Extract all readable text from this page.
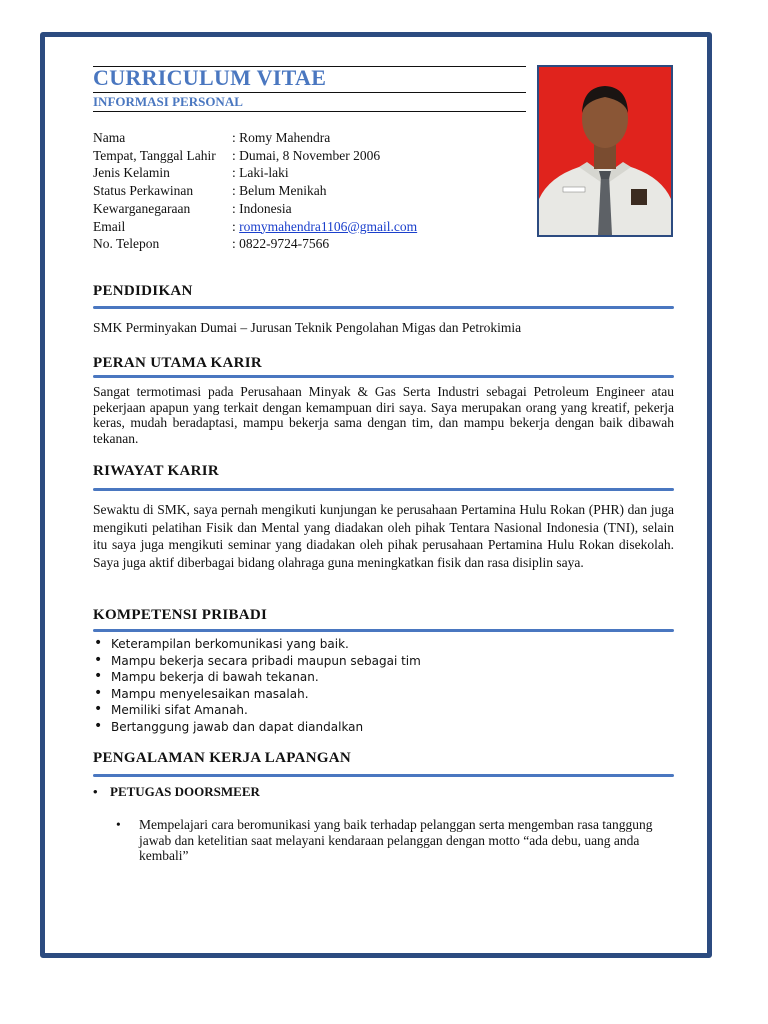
CURRICULUM VITAE
INFORMASI PERSONAL
Nama	: Romy Mahendra
Tempat, Tanggal Lahir	: Dumai, 8 November 2006
Jenis Kelamin	: Laki-laki
Status Perkawinan	: Belum Menikah
Kewarganegaraan	: Indonesia
Email	: romymahendra1106@gmail.com
No. Telepon	: 0822-9724-7566
PENDIDIKAN
SMK Perminyakan Dumai – Jurusan Teknik Pengolahan Migas dan Petrokimia
PERAN UTAMA KARIR
Sangat termotimasi pada Perusahaan Minyak & Gas Serta Industri sebagai Petroleum Engineer atau pekerjaan apapun yang terkait dengan kemampuan diri saya. Saya merupakan orang yang kreatif, pekerja keras, mudah beradaptasi, mampu bekerja sama dengan tim, dan mampu bekerja dengan baik dibawah tekanan.
RIWAYAT KARIR
Sewaktu di SMK, saya pernah mengikuti kunjungan ke perusahaan Pertamina Hulu Rokan (PHR) dan juga mengikuti pelatihan Fisik dan Mental yang diadakan oleh pihak Tentara Nasional Indonesia (TNI), selain itu saya juga mengikuti seminar yang diadakan oleh pihak perusahaan Pertamina Hulu Rokan disekolah. Saya juga aktif diberbagai bidang olahraga guna meningkatkan fisik dan rasa disiplin saya.
KOMPETENSI PRIBADI
• Keterampilan berkomunikasi yang baik.
• Mampu bekerja secara pribadi maupun sebagai tim
• Mampu bekerja di bawah tekanan.
• Mampu menyelesaikan masalah.
• Memiliki sifat Amanah.
• Bertanggung jawab dan dapat diandalkan
PENGALAMAN KERJA LAPANGAN
• PETUGAS DOORSMEER
• Mempelajari cara beromunikasi yang baik terhadap pelanggan serta mengemban rasa tanggung jawab dan ketelitian saat melayani kendaraan pelanggan dengan motto “ada debu, uang anda kembali”
